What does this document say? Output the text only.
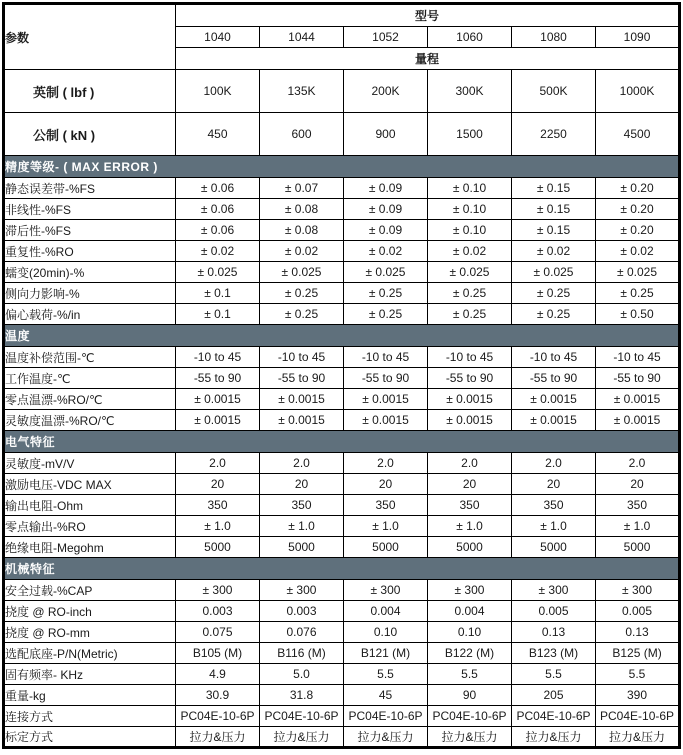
参数	型号					
	1040	1044	1052	1060	1080	1090
	量程					
英制 ( lbf )	100K	135K	200K	300K	500K	1000K
公制 ( kN )	450	600	900	1500	2250	4500
精度等级- ( MAX ERROR )						
静态误差带-%FS	± 0.06	± 0.07	± 0.09	± 0.10	± 0.15	± 0.20
非线性-%FS	± 0.06	± 0.08	± 0.09	± 0.10	± 0.15	± 0.20
滞后性-%FS	± 0.06	± 0.08	± 0.09	± 0.10	± 0.15	± 0.20
重复性-%RO	± 0.02	± 0.02	± 0.02	± 0.02	± 0.02	± 0.02
蠕变(20min)-%	± 0.025	± 0.025	± 0.025	± 0.025	± 0.025	± 0.025
侧向力影响-%	± 0.1	± 0.25	± 0.25	± 0.25	± 0.25	± 0.25
偏心载荷-%/in	± 0.1	± 0.25	± 0.25	± 0.25	± 0.25	± 0.50
温度						
温度补偿范围-℃	-10 to 45	-10 to 45	-10 to 45	-10 to 45	-10 to 45	-10 to 45
工作温度-℃	-55 to 90	-55 to 90	-55 to 90	-55 to 90	-55 to 90	-55 to 90
零点温漂-%RO/℃	± 0.0015	± 0.0015	± 0.0015	± 0.0015	± 0.0015	± 0.0015
灵敏度温漂-%RO/℃	± 0.0015	± 0.0015	± 0.0015	± 0.0015	± 0.0015	± 0.0015
电气特征						
灵敏度-mV/V	2.0	2.0	2.0	2.0	2.0	2.0
激励电压-VDC MAX	20	20	20	20	20	20
输出电阻-Ohm	350	350	350	350	350	350
零点输出-%RO	± 1.0	± 1.0	± 1.0	± 1.0	± 1.0	± 1.0
绝缘电阻-Megohm	5000	5000	5000	5000	5000	5000
机械特征						
安全过载-%CAP	± 300	± 300	± 300	± 300	± 300	± 300
挠度 @ RO-inch	0.003	0.003	0.004	0.004	0.005	0.005
挠度 @ RO-mm	0.075	0.076	0.10	0.10	0.13	0.13
选配底座-P/N(Metric)	B105 (M)	B116 (M)	B121 (M)	B122 (M)	B123 (M)	B125 (M)
固有频率- KHz	4.9	5.0	5.5	5.5	5.5	5.5
重量-kg	30.9	31.8	45	90	205	390
连接方式	PC04E-10-6P	PC04E-10-6P	PC04E-10-6P	PC04E-10-6P	PC04E-10-6P	PC04E-10-6P
标定方式	拉力&压力	拉力&压力	拉力&压力	拉力&压力	拉力&压力	拉力&压力
